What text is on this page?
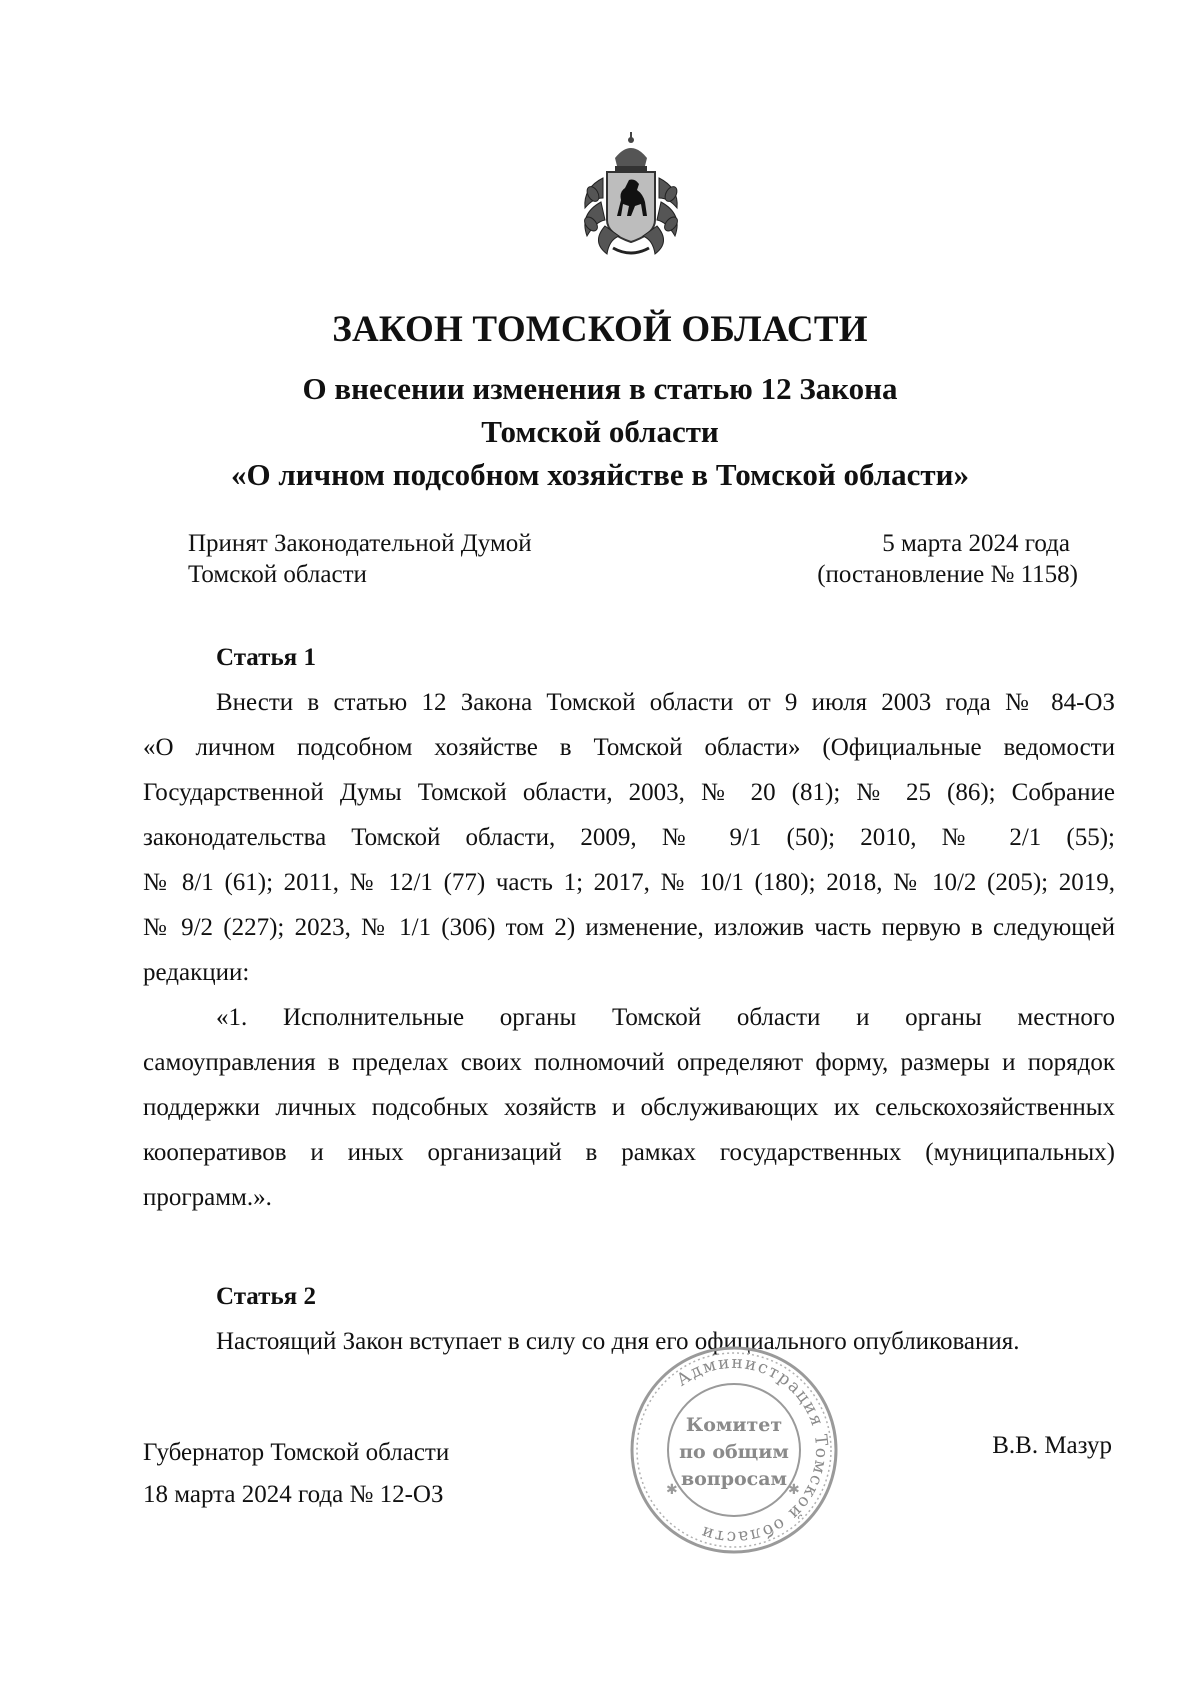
ЗАКОН ТОМСКОЙ ОБЛАСТИ
О внесении изменения в статью 12 Закона
Томской области
«О личном подсобном хозяйстве в Томской области»
Принят Законодательной Думой
Томской области
5 марта 2024 года
(постановление № 1158)
Статья 1
Внести в статью 12 Закона Томской области от 9 июля 2003 года № 84-ОЗ
«О личном подсобном хозяйстве в Томской области» (Официальные ведомости
Государственной Думы Томской области, 2003, № 20 (81); № 25 (86); Собрание
законодательства Томской области, 2009, № 9/1 (50); 2010, № 2/1 (55);
№ 8/1 (61); 2011, № 12/1 (77) часть 1; 2017, № 10/1 (180); 2018, № 10/2 (205); 2019,
№ 9/2 (227); 2023, № 1/1 (306) том 2) изменение, изложив часть первую в следующей
редакции:
«1. Исполнительные органы Томской области и органы местного
самоуправления в пределах своих полномочий определяют форму, размеры и порядок
поддержки личных подсобных хозяйств и обслуживающих их сельскохозяйственных
кооперативов и иных организаций в рамках государственных (муниципальных)
программ.».
Статья 2
Настоящий Закон вступает в силу со дня его официального опубликования.
Администрация Томской области
✱	✱
Комитет
по общим
вопросам
Губернатор Томской области
18 марта 2024 года № 12-ОЗ
В.В. Мазур
